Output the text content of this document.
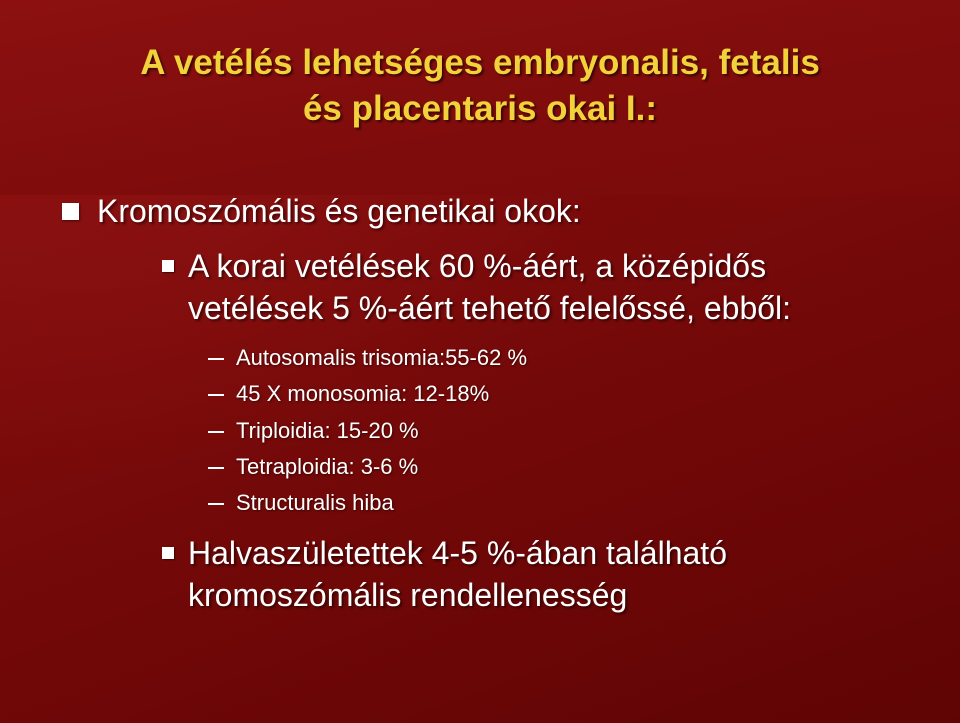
A vetélés lehetséges embryonalis, fetalis
és placentaris okai I.:
Kromoszómális és genetikai okok:
A korai vetélések 60 %-áért, a középidős
vetélések 5 %-áért tehető felelőssé, ebből:
Autosomalis trisomia:55-62 %
45 X monosomia: 12-18%
Triploidia: 15-20 %
Tetraploidia: 3-6 %
Structuralis hiba
Halvaszületettek 4-5 %-ában található
kromoszómális rendellenesség
